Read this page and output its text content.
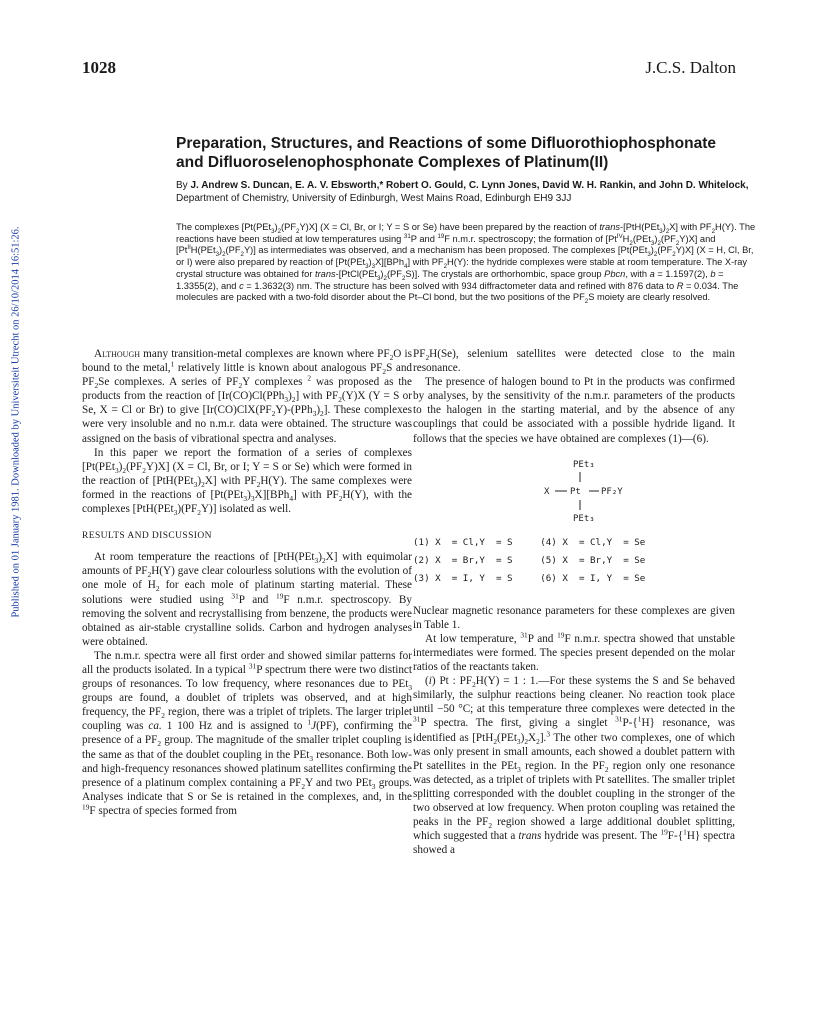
1028	J.C.S. Dalton
Published on 01 January 1981. Downloaded by Universiteit Utrecht on 26/10/2014 16:51:26.
Preparation, Structures, and Reactions of some Difluorothiophosphonate
and Difluoroselenophosphonate Complexes of Platinum(II)
By J. Andrew S. Duncan, E. A. V. Ebsworth,* Robert O. Gould, C. Lynn Jones, David W. H. Rankin, and John D. Whitelock, Department of Chemistry, University of Edinburgh, West Mains Road, Edinburgh EH9 3JJ
The complexes $[Pt(PEt_3)_2(PF_2Y)X] (X = Cl$, Br, or I; Y = S or Se) have been prepared by the reaction of trans-$[PtH(PEt_3)_2X]$ with $PF_2H(Y)$. The reactions have been studied at low temperatures using $^{31}$P and $^{19}$F n.m.r. spectroscopy; the formation of $[Pt^{IV}H_2(PEt_3)_2(PF_2Y)X]$ and $[Pt^{II}H(PEt_3)_2(PF_2Y)]$ as intermediates was observed, and a mechanism has been proposed. The complexes $[Pt(PEt_3)_2(PF_2Y)X] (X = H$, Cl, Br, or I) were also prepared by reaction of $[Pt(PEt_3)_3X][BPh_4]$ with $PF_2H(Y)$: the hydride complexes were stable at room temperature. The X-ray crystal structure was obtained for trans-$[PtCl(PEt_3)_2(PF_2S)]$. The crystals are orthorhombic, space group Pbcn, with a = 1.1597(2), b = 1.3355(2), and c = 1.3632(3) nm. The structure has been solved with 934 diffractometer data and refined with 876 data to R = 0.034. The molecules are packed with a two-fold disorder about the Pt–Cl bond, but the two positions of the $PF_2S$ moiety are clearly resolved.

Although many transition-metal complexes are known where $PF_2O$ is bound to the metal,$^1$ relatively little is known about analogous $PF_2S$ and $PF_2Se$ complexes. A series of $PF_2Y$ complexes $^2$ was proposed as the products from the reaction of $[Ir(CO)Cl(PPh_3)_2]$ with $PF_2(Y)X$ (Y = S or Se, X = Cl or Br) to give $[Ir(CO)ClX(PF_2Y)-(PPh_3)_2]$. These complexes were very insoluble and no n.m.r. data were obtained. The structure was assigned on the basis of vibrational spectra and analyses.

In this paper we report the formation of a series of complexes $[Pt(PEt_3)_2(PF_2Y)X] (X = Cl$, Br, or I; Y = S or Se) which were formed in the reaction of $[PtH(PEt_3)_2X]$ with $PF_2H(Y)$. The same complexes were formed in the reactions of $[Pt(PEt_3)_3X][BPh_4]$ with $PF_2H(Y)$, with the complexes $[PtH(PEt_3)(PF_2Y)]$ isolated as well.

RESULTS AND DISCUSSION

At room temperature the reactions of $[PtH(PEt_3)_2X]$ with equimolar amounts of $PF_2H(Y)$ gave clear colourless solutions with the evolution of one mole of $H_2$ for each mole of platinum starting material. These solutions were studied using $^{31}$P and $^{19}$F n.m.r. spectroscopy. By removing the solvent and recrystallising from benzene, the products were obtained as air-stable crystalline solids. Carbon and hydrogen analyses were obtained.

The n.m.r. spectra were all first order and showed similar patterns for all the products isolated. In a typical $^{31}$P spectrum there were two distinct groups of resonances. To low frequency, where resonances due to PEt$_3$ groups are found, a doublet of triplets was observed, and at high frequency, the $PF_2$ region, there was a triplet of triplets. The larger triplet coupling was ca. 1 100 Hz and is assigned to $^1$J(PF), confirming the presence of a $PF_2$ group. The magnitude of the smaller triplet coupling is the same as that of the doublet coupling in the PEt$_3$ resonance. Both low- and high-frequency resonances showed platinum satellites confirming the presence of a platinum complex containing a $PF_2Y$ and two PEt$_3$ groups. Analyses indicate that S or Se is retained in the complexes, and, in the $^{19}$F spectra of species formed from

$PF_2H(Se)$, selenium satellites were detected close to the main resonance.

The presence of halogen bound to Pt in the products was confirmed by analyses, by the sensitivity of the n.m.r. parameters of the products to the halogen in the starting material, and by the absence of any couplings that could be associated with a possible hydride ligand. It follows that the species we have obtained are complexes (1)—(6).

PEt₃
X Pt PF₂Y
PEt₃
(1) X  = Cl,Y  = S     (4) X  = Cl,Y  = Se
(2) X  = Br,Y  = S     (5) X  = Br,Y  = Se
(3) X  = I, Y  = S     (6) X  = I, Y  = Se

Nuclear magnetic resonance parameters for these complexes are given in Table 1.

At low temperature, $^{31}$P and $^{19}$F n.m.r. spectra showed that unstable intermediates were formed. The species present depended on the molar ratios of the reactants taken.

(i) Pt : $PF_2H(Y) = 1$ : 1.—For these systems the S and Se behaved similarly, the sulphur reactions being cleaner. No reaction took place until −50 °C; at this temperature three complexes were detected in the $^{31}$P spectra. The first, giving a singlet $^{31}$P-{$^1$H} resonance, was identified as $[PtH_2(PEt_3)_2X_2].^3$ The other two complexes, one of which was only present in small amounts, each showed a doublet pattern with Pt satellites in the PEt$_3$ region. In the $PF_2$ region only one resonance was detected, as a triplet of triplets with Pt satellites. The smaller triplet splitting corresponded with the doublet coupling in the stronger of the two observed at low frequency. When proton coupling was retained the peaks in the $PF_2$ region showed a large additional doublet splitting, which suggested that a trans hydride was present. The $^{19}$F-{$^1$H} spectra showed a
